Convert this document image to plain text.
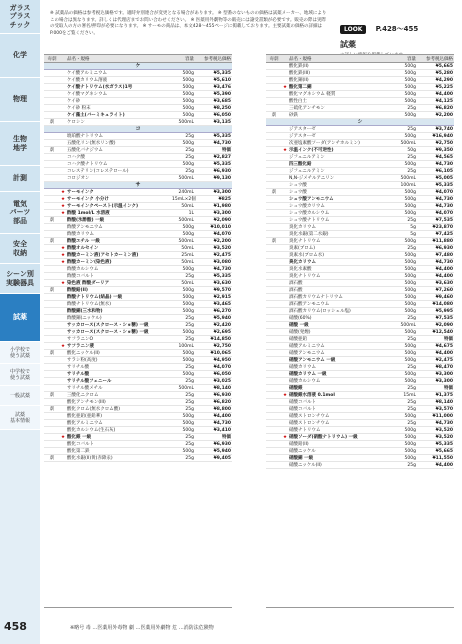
ガラス
プラス
チック
化学
物理
生物
地学
計測
電気
パーツ
部品
安全
収納
シーン別
実験器具
試薬
小学校で
使う試薬
中学校で
使う試薬
一般試薬
試薬
基本情報
※ 試薬品の価格は参考税込価格です。適時弁別連合が変更となる場合があります。 ※ 型番のないものの価格は試薬メーカー、地域によりこの場合は異なります。詳しくは代理店までお問い合わせください。 ※ 医薬用外劇物等の販売には譲受書類が必要です。販売の際は実際の受取人の方の署名/押印が必要になります。 ※ サーモの商品は、本文428～455ページに掲載しております。主要試薬の価格の詳細はP.000をご覧ください。
LOOK P.428～455
試薬
毒劇	品名・規格	容量	参考税込価格
ケ
ケイ酸アルミニウム	500g	¥5,335
ケイ酸カリウム溶液	500g	¥5,610
ケイ酸ナトリウム(水ガラス)1号	500g	¥3,476
ケイ酸マグネシウム	500g	¥5,390
ケイ砂	500g	¥3,685
ケイ砂 粉末	500g	¥8,250
ケイ藻土(バーミキュライト)	500g	¥6,050
劇	ケロシン	500mL	¥3,135
コ
琥珀酸ナトリウム	25g	¥5,335
五酸化リン(無水リン酸)	500g	¥4,730
劇	五酸化バナジウム	25g	特価
コハク酸	25g	¥2,827
コハク酸ナトリウム	500g	¥5,335
コレステリン(コレステロール)	25g	¥6,930
コロジオン	500mL	¥9,130
サ
★ サーモインク	240mL	¥3,300
★ サーモインク 小分け	15mL×2個	¥825
★ サーモインクペースト(示温インク)	50mL	¥1,980
★ 酢酸 1mol/L 水溶液	1L	¥3,300
劇	酢酸(氷酢酸) 一級	500mL	¥2,090
酢酸アンモニウム	500g	¥10,010
酢酸カリウム	500g	¥4,070
劇	酢酸エチル 一級	500mL	¥2,200
★ 酢酸オルセイン	50mL	¥3,520
★ 酢酸カーミン液(アセトカーミン液)	25mL	¥2,475
★ 酢酸カーミン(染色液)	50mL	¥3,080
酢酸カルシウム	500g	¥4,730
酢酸コバルト	25g	¥5,335
★ 染色液 酢酸ダーリア	50mL	¥3,630
劇	酢酸鉛(II)	500g	¥9,570
酢酸ナトリウム(結晶) 一級	500g	¥2,915
酢酸ナトリウム(無水)	500g	¥3,465
酢酸銅(三水和物)	500g	¥6,270
酢酸銅(ニッケル)	25g	¥5,940
サッカロース(スクロース・ショ糖) 一級	25g	¥2,420
サッカロース(スクロース・ショ糖) 一級	500g	¥2,695
サフラニンO	25g	¥14,850
★ サフラニン液	100mL	¥2,750
劇	酸化ニッケル(II)	500g	¥10,065
サラシ粉(高度)	500g	¥4,950
サリチル酸	25g	¥4,070
サリチル酸	500g	¥6,050
サリチル酸フェニール	25g	¥3,025
サリチル酸メチル	500mL	¥8,140
劇	三酸化ニクロム	25g	¥6,930
酸化アンチモン(III)	25g	¥6,820
劇	酸化クロム(無水クロム酸)	25g	¥8,800
酸化亜鉛(亜鉛華)	500g	¥4,400
酸化アルミニウム	500g	¥4,730
酸化カルシウム(生石灰)	500g	¥3,410
★ 酸化銀 一級	25g	特価
酸化コバルト	25g	¥6,930
酸化第二鉄	500g	¥5,940
劇	酸化水銀(II)黄(赤降汞)	25g	¥9,405
毒劇	品名・規格	容量	参考税込価格
酸化鉄(II)	500g	¥5,665
酸化鉄(III)	500g	¥5,280
酸化銅(II)	500g	¥4,290
★ 酸化第二銅	500g	¥5,225
酸化マグネシウム 軽質	500g	¥4,400
酸性白土	500g	¥4,125
三硫化アンチモン	25g	¥6,820
劇	砂鉄	500g	¥2,200
シ
ジアスターゼ	25g	¥3,740
ジアスターゼ	500g	¥16,940
次亜塩素酸ソーダ(アンチホルミン)	500mL	¥2,750
★ 示温インク(不可逆性)	50g	¥9,350
ジフェニルアミン	25g	¥4,565
四三酸化鉛	500g	¥4,730
ジフェニルアミン	25g	¥6,105
N,N-ジメチルアニリン	500mL	¥5,005
シュウ酸	100mL	¥5,335
劇	シュウ酸	500g	¥4,070
シュウ酸アンモニウム	500g	¥4,730
シュウ酸カリウム	500g	¥4,730
シュウ酸カルシウム	500g	¥4,070
シュウ酸ナトリウム	25g	¥7,535
臭化カリウム	5g	¥23,870
臭化水銀(第二水銀)	5g	¥7,425
劇	臭化ナトリウム	500g	¥11,880
臭素(ブロム)	25g	¥6,930
臭素水(ブロム水)	500g	¥7,480
臭化カリウム	500g	¥4,730
臭化水素酸	500g	¥4,400
臭化ナトリウム	500g	¥4,400
酒石酸	500g	¥3,630
酒石酸	500g	¥7,260
酒石酸カリウムナトリウム	500g	¥9,460
酒石酸アンモニウム	500g	¥14,080
酒石酸カリウム(ロッシェル塩)	500g	¥5,995
硝酸(60%)	25g	¥7,535
硝酸 一級	500mL	¥2,090
硝酸(発煙)	500g	¥12,540
硝酸亜鉛	25g	特価
硝酸アルミニウム	500g	¥4,675
硝酸アンモニウム	500g	¥4,400
硝酸アンモニウム 一級	500g	¥2,475
硝酸カリウム	25g	¥8,470
硝酸カリウム 一級	500g	¥3,300
硝酸カルシウム	500g	¥3,300
硝酸銀	25g	特価
★ 硝酸銀水溶液 0.1mol	15mL	¥1,375
硝酸コバルト	25g	¥8,140
硝酸コバルト	25g	¥3,570
硝酸ストロンチウム	500g	¥11,000
硝酸ストロンチウム	25g	¥4,730
硝酸ナトリウム	500g	¥3,520
★ 硝酸ソーダ(硝酸ナトリウム) 一級	500g	¥3,520
硝酸鉛(II)	500g	¥5,335
硝酸ニッケル	500g	¥5,665
硝酸銅 一級	500g	¥11,550
硝酸ニッケル(II)	25g	¥4,400
458	※略号 毒 …医薬用外毒物 劇 …医薬用外劇物 危 …消防法危険物
